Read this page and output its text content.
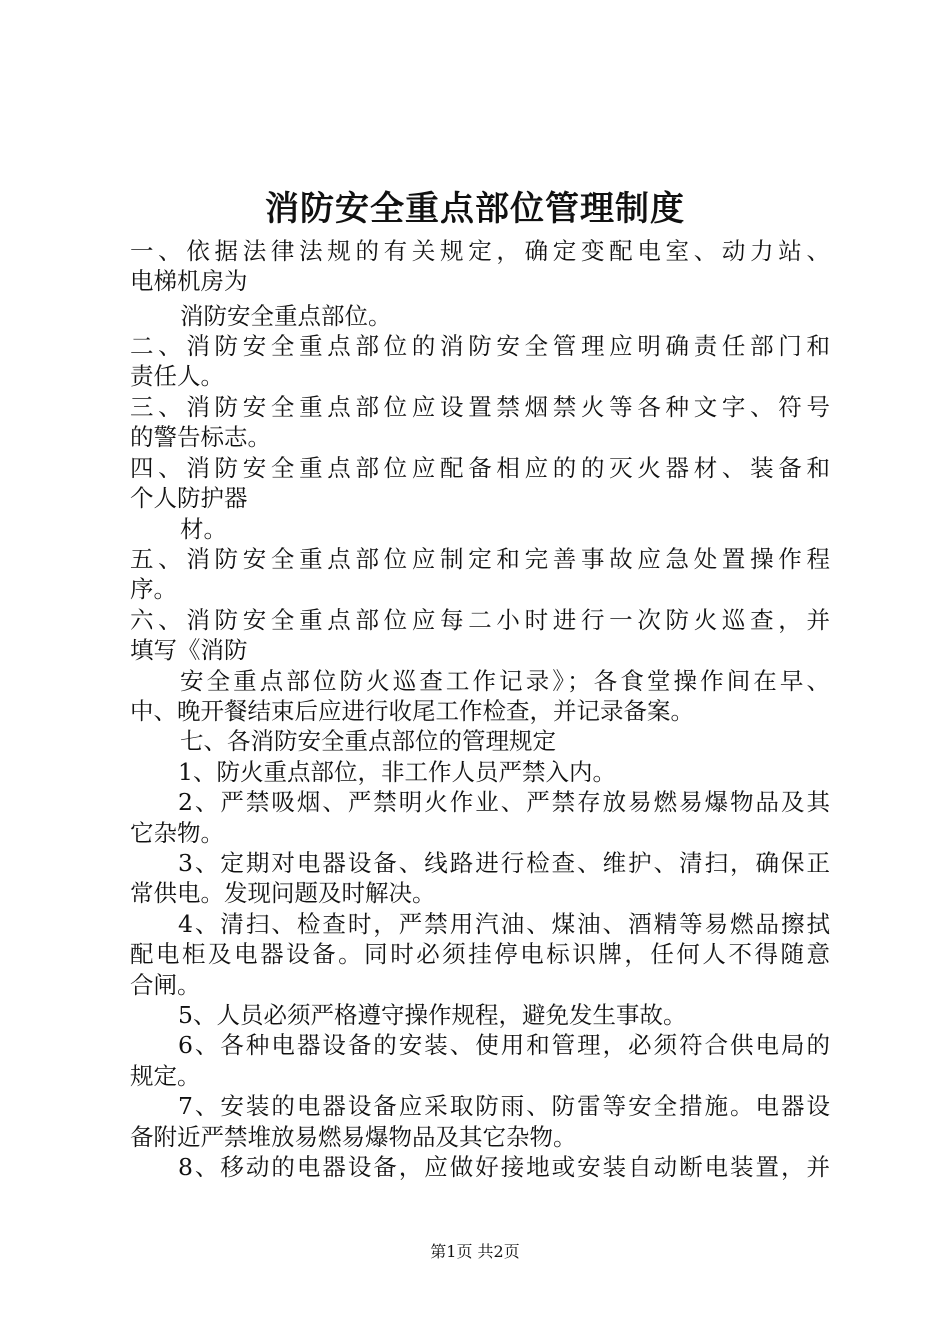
消防安全重点部位管理制度
一、依据法律法规的有关规定，确定变配电室、动力站、
电梯机房为
消防安全重点部位。
二、消防安全重点部位的消防安全管理应明确责任部门和
责任人。
三、消防安全重点部位应设置禁烟禁火等各种文字、符号
的警告标志。
四、消防安全重点部位应配备相应的的灭火器材、装备和
个人防护器
材。
五、消防安全重点部位应制定和完善事故应急处置操作程
序。
六、消防安全重点部位应每二小时进行一次防火巡查，并
填写《消防
安全重点部位防火巡查工作记录》；各食堂操作间在早、
中、晚开餐结束后应进行收尾工作检查，并记录备案。
七、各消防安全重点部位的管理规定
1、防火重点部位，非工作人员严禁入内。
2、严禁吸烟、严禁明火作业、严禁存放易燃易爆物品及其
它杂物。
3、定期对电器设备、线路进行检查、维护、清扫，确保正
常供电。发现问题及时解决。
4、清扫、检查时，严禁用汽油、煤油、酒精等易燃品擦拭
配电柜及电器设备。同时必须挂停电标识牌，任何人不得随意
合闸。
5、人员必须严格遵守操作规程，避免发生事故。
6、各种电器设备的安装、使用和管理，必须符合供电局的
规定。
7、安装的电器设备应采取防雨、防雷等安全措施。电器设
备附近严禁堆放易燃易爆物品及其它杂物。
8、移动的电器设备，应做好接地或安装自动断电装置，并
第1页 共2页
